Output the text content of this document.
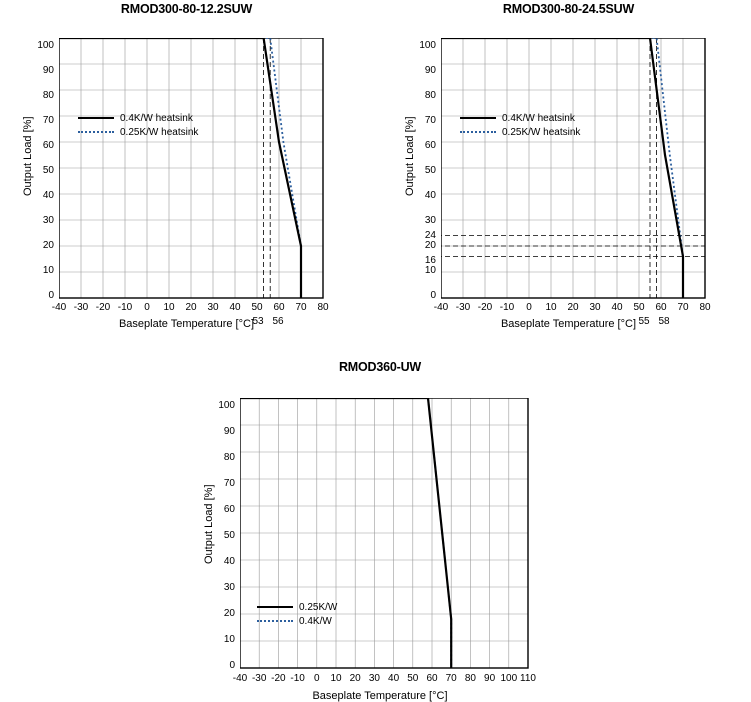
RMOD300-80-12.2SUW
Output Load [%]
100
90
80
70
60
50
40
30
20
10
0
-40 -30 -20 -10	0	10	20	30	40	50	60	70	80
53 56
Baseplate Temperature [°C]
0.4K/W heatsink
0.25K/W heatsink
RMOD300-80-24.5SUW
Output Load [%]
100
90
80
70
60
50
40
30
24
20
16
10
0
-40 -30 -20 -10	0	10	20	30	40	50	60	70	80
55 58
Baseplate Temperature [°C]
0.4K/W heatsink
0.25K/W heatsink
RMOD360-UW
Output Load [%]
100
90
80
70
60
50
40
30
20
10
0
-40 -30 -20 -10 0	10 20 30 40 50 60 70 80 90 100 110
Baseplate Temperature [°C]
0.25K/W
0.4K/W
